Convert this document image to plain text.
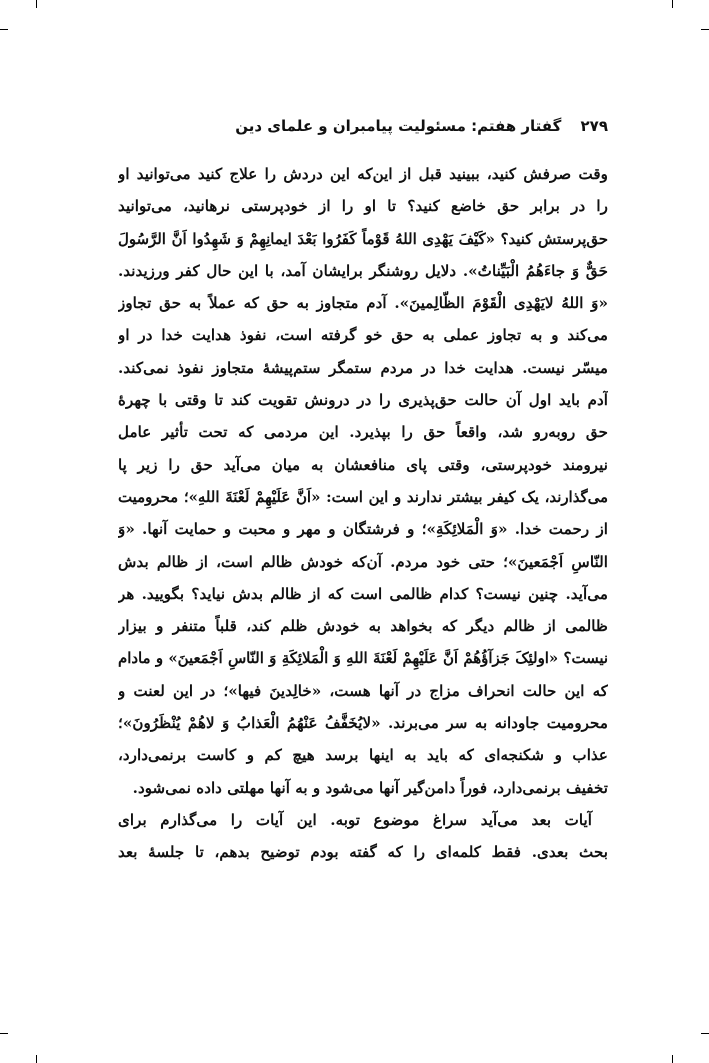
۲۷۹ گفتار هفتم: مسئولیت پیامبران و علمای دین
وقت صرفش کنید، ببینید قبل از این‌که این دردش را علاج کنید می‌توانید او
را در برابر حق خاضع کنید؟ تا او را از خودپرستی نرهانید، می‌توانید
حق‌پرستش کنید؟ «کَیْفَ یَهْدِی اللهُ قَوْماً کَفَرُوا بَعْدَ ایمانِهِمْ وَ شَهِدُوا اَنَّ الرَّسُولَ
حَقٌّ وَ جاءَهُمُ الْبَیِّناتُ». دلایل روشنگر برایشان آمد، با این حال کفر ورزیدند.
«وَ اللهُ لایَهْدِی الْقَوْمَ الظّالِمینَ». آدم متجاوز به حق که عملاً به حق تجاوز
می‌کند و به تجاوز عملی به حق خو گرفته است، نفوذ هدایت خدا در او
میسّر نیست. هدایت خدا در مردم ستمگر ستم‌پیشهٔ متجاوز نفوذ نمی‌کند.
آدم باید اول آن حالت حق‌پذیری را در درونش تقویت کند تا وقتی با چهرهٔ
حق روبه‌رو شد، واقعاً حق را بپذیرد. این مردمی که تحت تأثیر عامل
نیرومند خودپرستی، وقتی پای منافعشان به میان می‌آید حق را زیر پا
می‌گذارند، یک کیفر بیشتر ندارند و این است: «اَنَّ عَلَیْهِمْ لَعْنَةَ اللهِ»؛ محرومیت
از رحمت خدا. «وَ الْمَلائِکَةِ»؛ و فرشتگان و مهر و محبت و حمایت آنها. «وَ
النّاسِ اَجْمَعینَ»؛ حتی خود مردم. آن‌که خودش ظالم است، از ظالم بدش
می‌آید. چنین نیست؟ کدام ظالمی است که از ظالم بدش نیاید؟ بگویید. هر
ظالمی از ظالم دیگر که بخواهد به خودش ظلم کند، قلباً متنفر و بیزار
نیست؟ «اولئِکَ جَزآؤُهُمْ اَنَّ عَلَیْهِمْ لَعْنَةَ اللهِ وَ الْمَلائِکَةِ وَ النّاسِ اَجْمَعینَ» و مادام
که این حالت انحراف مزاج در آنها هست، «خالِدینَ فیها»؛ در این لعنت و
محرومیت جاودانه به سر می‌برند. «لایُخَفَّفُ عَنْهُمُ الْعَذابُ وَ لاهُمْ یُنْظَرُونَ»؛
عذاب و شکنجه‌ای که باید به اینها برسد هیچ کم و کاست برنمی‌دارد،
تخفیف برنمی‌دارد، فوراً دامن‌گیر آنها می‌شود و به آنها مهلتی داده نمی‌شود.
آیات بعد می‌آید سراغ موضوع توبه. این آیات را می‌گذارم برای
بحث بعدی. فقط کلمه‌ای را که گفته بودم توضیح بدهم، تا جلسهٔ بعد
